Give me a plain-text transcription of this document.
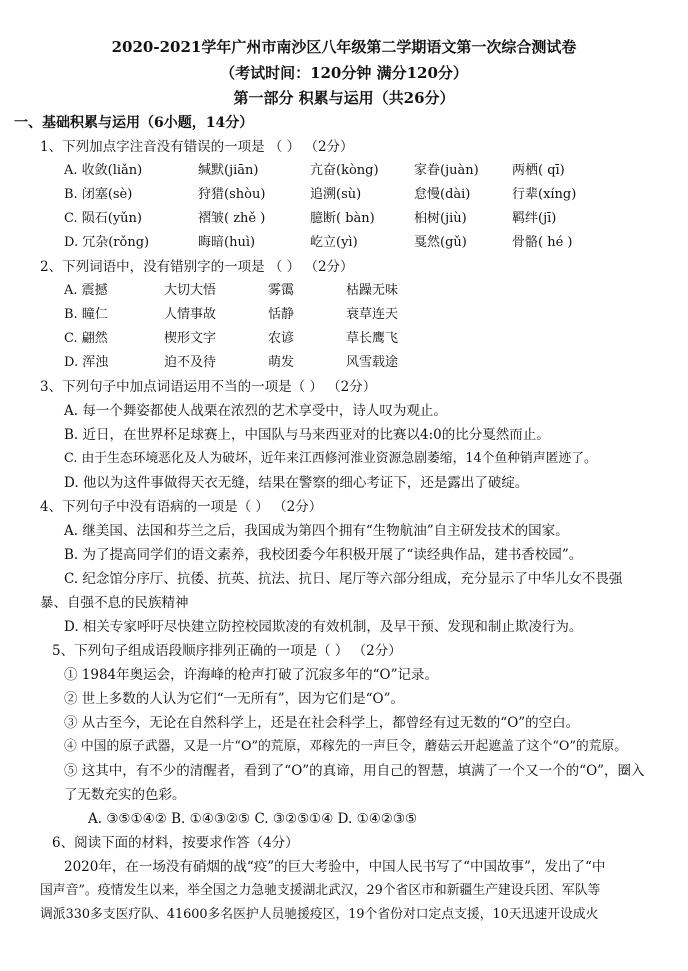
2020-2021学年广州市南沙区八年级第二学期语文第一次综合测试卷
（考试时间：120分钟 满分120分）
第一部分 积累与运用（共26分）
一、基础积累与运用（6小题，14分）
1、下列加点字注音没有错误的一项是 （ ） （2分）
A. 收敛(liǎn)	缄默(jiān)	亢奋(kòng)	家眷(juàn)	两栖( qī)
B. 闭塞(sè)	狩猎(shòu)	追溯(sù)	怠慢(dài)	行辈(xíng)
C. 陨石(yǔn)	褶皱( zhě )	臆断( bàn)	桕树(jiù)	羁绊(jī)
D. 冗杂(rǒng)	晦暗(huì)	屹立(yì)	戛然(gǔ)	骨骼( hé )
2、下列词语中，没有错别字的一项是 （ ） （2分）
A. 震撼	大切大悟	雾霭	枯躁无味
B. 瞳仁	人情事故	恬静	衰草连天
C. 翩然	楔形文字	农谚	草长鹰飞
D. 浑浊	迫不及待	萌发	风雪载途
3、下列句子中加点词语运用不当的一项是（ ） （2分）
A. 每一个舞姿都使人战栗在浓烈的艺术享受中，诗人叹为观止。
B. 近日，在世界杯足球赛上，中国队与马来西亚对的比赛以4:0的比分戛然而止。
C. 由于生态环境恶化及人为破坏，近年来江西修河淮业资源急剧萎缩，14个鱼种销声匿迹了。
D. 他以为这件事做得天衣无缝，结果在警察的细心考证下，还是露出了破绽。
4、下列句子中没有语病的一项是（ ） （2分）
A. 继美国、法国和芬兰之后，我国成为第四个拥有“生物航油”自主研发技术的国家。
B. 为了提高同学们的语文素养，我校团委今年积极开展了“读经典作品，建书香校园”。
C. 纪念馆分序厅、抗倭、抗英、抗法、抗日、尾厅等六部分组成，充分显示了中华儿女不畏强
暴、自强不息的民族精神
D. 相关专家呼吁尽快建立防控校园欺凌的有效机制，及早干预、发现和制止欺凌行为。
5、下列句子组成语段顺序排列正确的一项是（ ） （2分）
① 1984年奥运会，许海峰的枪声打破了沉寂多年的“O”记录。
② 世上多数的人认为它们“一无所有”，因为它们是“O”。
③ 从古至今，无论在自然科学上，还是在社会科学上，都曾经有过无数的“O”的空白。
④ 中国的原子武器，又是一片“O”的荒原，邓稼先的一声巨令，蘑菇云开起遮盖了这个“O”的荒原。
⑤ 这其中，有不少的清醒者，看到了“O”的真谛，用自己的智慧，填满了一个又一个的“O”，圈入
了无数充实的色彩。
A. ③⑤①④② B. ①④③②⑤ C. ③②⑤①④ D. ①④②③⑤
6、阅读下面的材料，按要求作答（4分）
2020年，在一场没有硝烟的战“疫”的巨大考验中，中国人民书写了“中国故事”，发出了“中
国声音”。疫情发生以来，举全国之力急驰支援湖北武汉，29个省区市和新疆生产建设兵团、军队等
调派330多支医疗队、41600多名医护人员驰援疫区，19个省份对口定点支援，10天迅速开设成火
